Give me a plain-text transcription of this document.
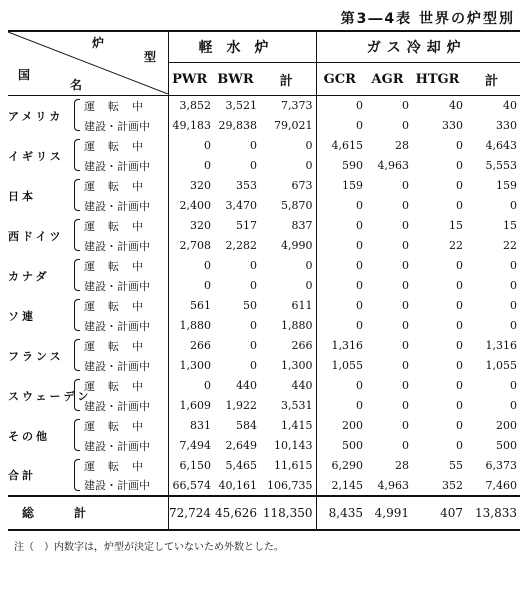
第3―4表 世界の炉型別
炉
型
国
名		軽水炉			ガス冷却炉			
		PWR	BWR	計	GCR	AGR	HTGR	計
アメリカ	運転中	3,852	3,521	7,373	0	0	40	40
	建設・計画中	49,183	29,838	79,021	0	0	330	330
イギリス	運転中	0	0	0	4,615	28	0	4,643
	建設・計画中	0	0	0	590	4,963	0	5,553
日本	運転中	320	353	673	159	0	0	159
	建設・計画中	2,400	3,470	5,870	0	0	0	0
西ドイツ	運転中	320	517	837	0	0	15	15
	建設・計画中	2,708	2,282	4,990	0	0	22	22
カナダ	運転中	0	0	0	0	0	0	0
	建設・計画中	0	0	0	0	0	0	0
ソ連	運転中	561	50	611	0	0	0	0
	建設・計画中	1,880	0	1,880	0	0	0	0
フランス	運転中	266	0	266	1,316	0	0	1,316
	建設・計画中	1,300	0	1,300	1,055	0	0	1,055
スウェーデン	運転中	0	440	440	0	0	0	0
	建設・計画中	1,609	1,922	3,531	0	0	0	0
その他	運転中	831	584	1,415	200	0	0	200
	建設・計画中	7,494	2,649	10,143	500	0	0	500
合計	運転中	6,150	5,465	11,615	6,290	28	55	6,373
	建設・計画中	66,574	40,161	106,735	2,145	4,963	352	7,460
総計		72,724	45,626	118,350	8,435	4,991	407	13,833
注（　）内数字は，炉型が決定していないため外数とした。
